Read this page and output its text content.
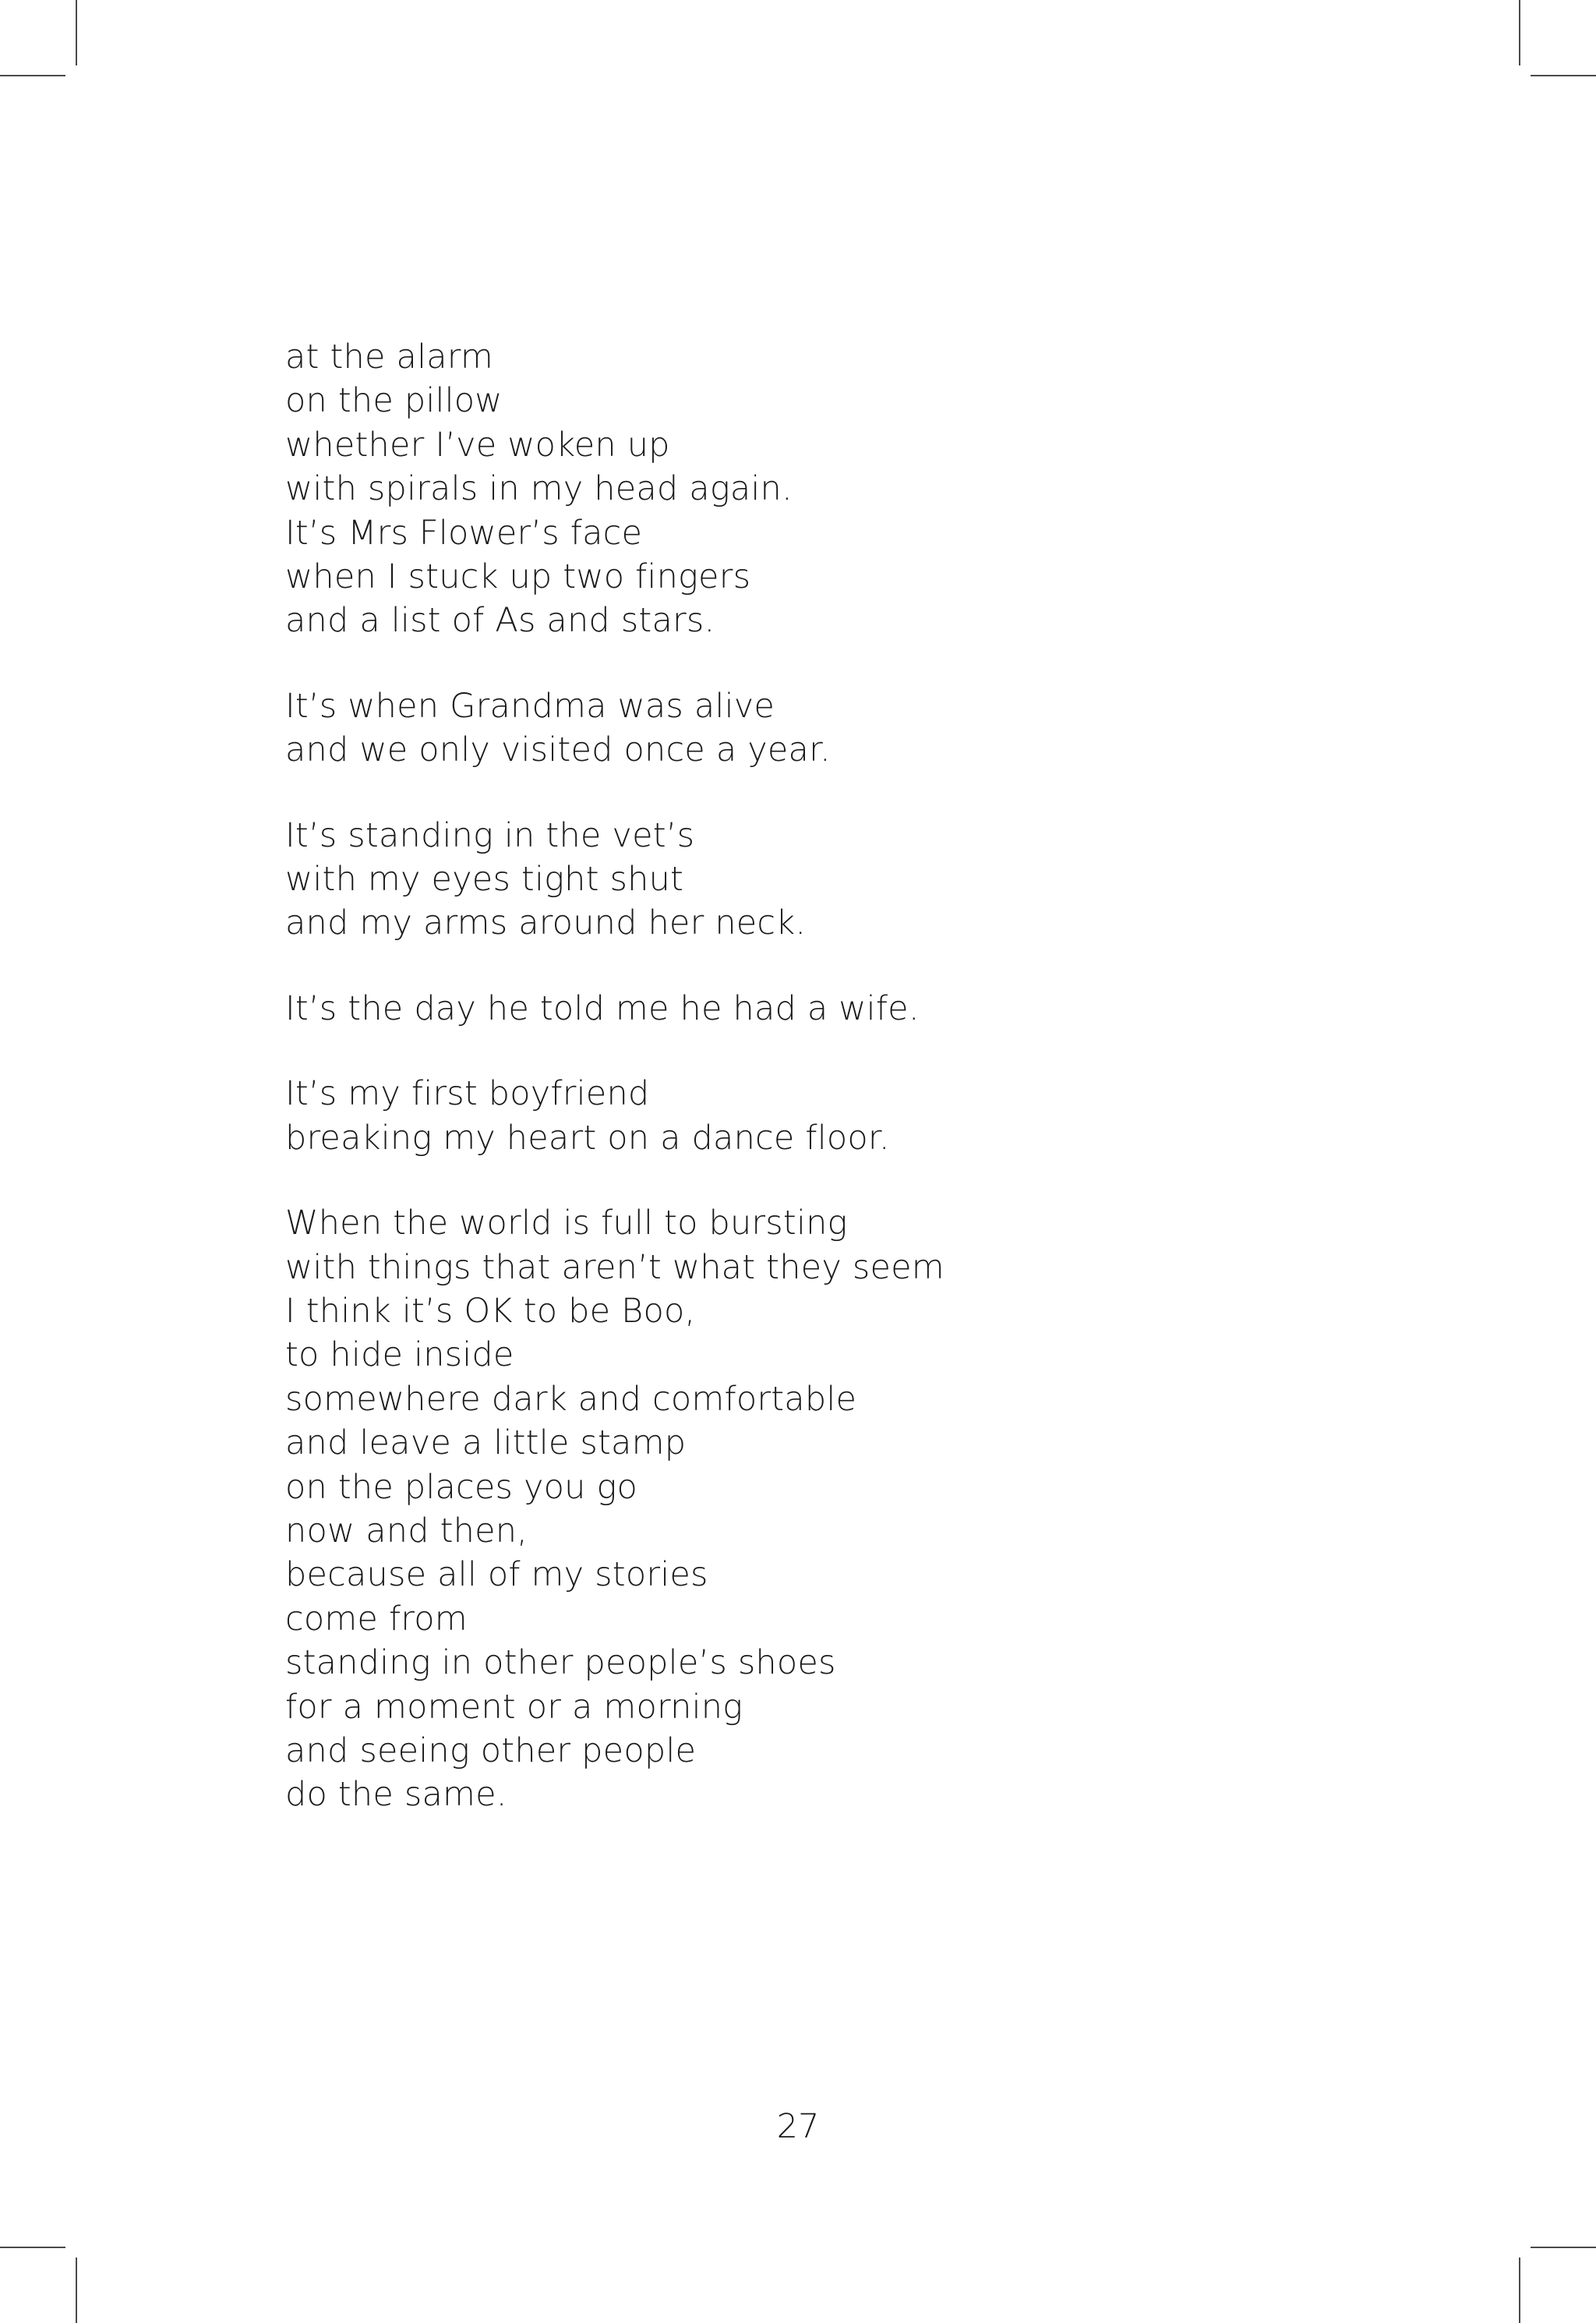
at the alarm
on the pillow
whether I’ve woken up
with spirals in my head again.
It’s Mrs Flower’s face
when I stuck up two fingers
and a list of As and stars.
It’s when Grandma was alive
and we only visited once a year.
It’s standing in the vet’s
with my eyes tight shut
and my arms around her neck.
It’s the day he told me he had a wife.
It’s my first boyfriend
breaking my heart on a dance floor.
When the world is full to bursting
with things that aren’t what they seem
I think it’s OK to be Boo,
to hide inside
somewhere dark and comfortable
and leave a little stamp
on the places you go
now and then,
because all of my stories
come from
standing in other people’s shoes
for a moment or a morning
and seeing other people
do the same.
27
